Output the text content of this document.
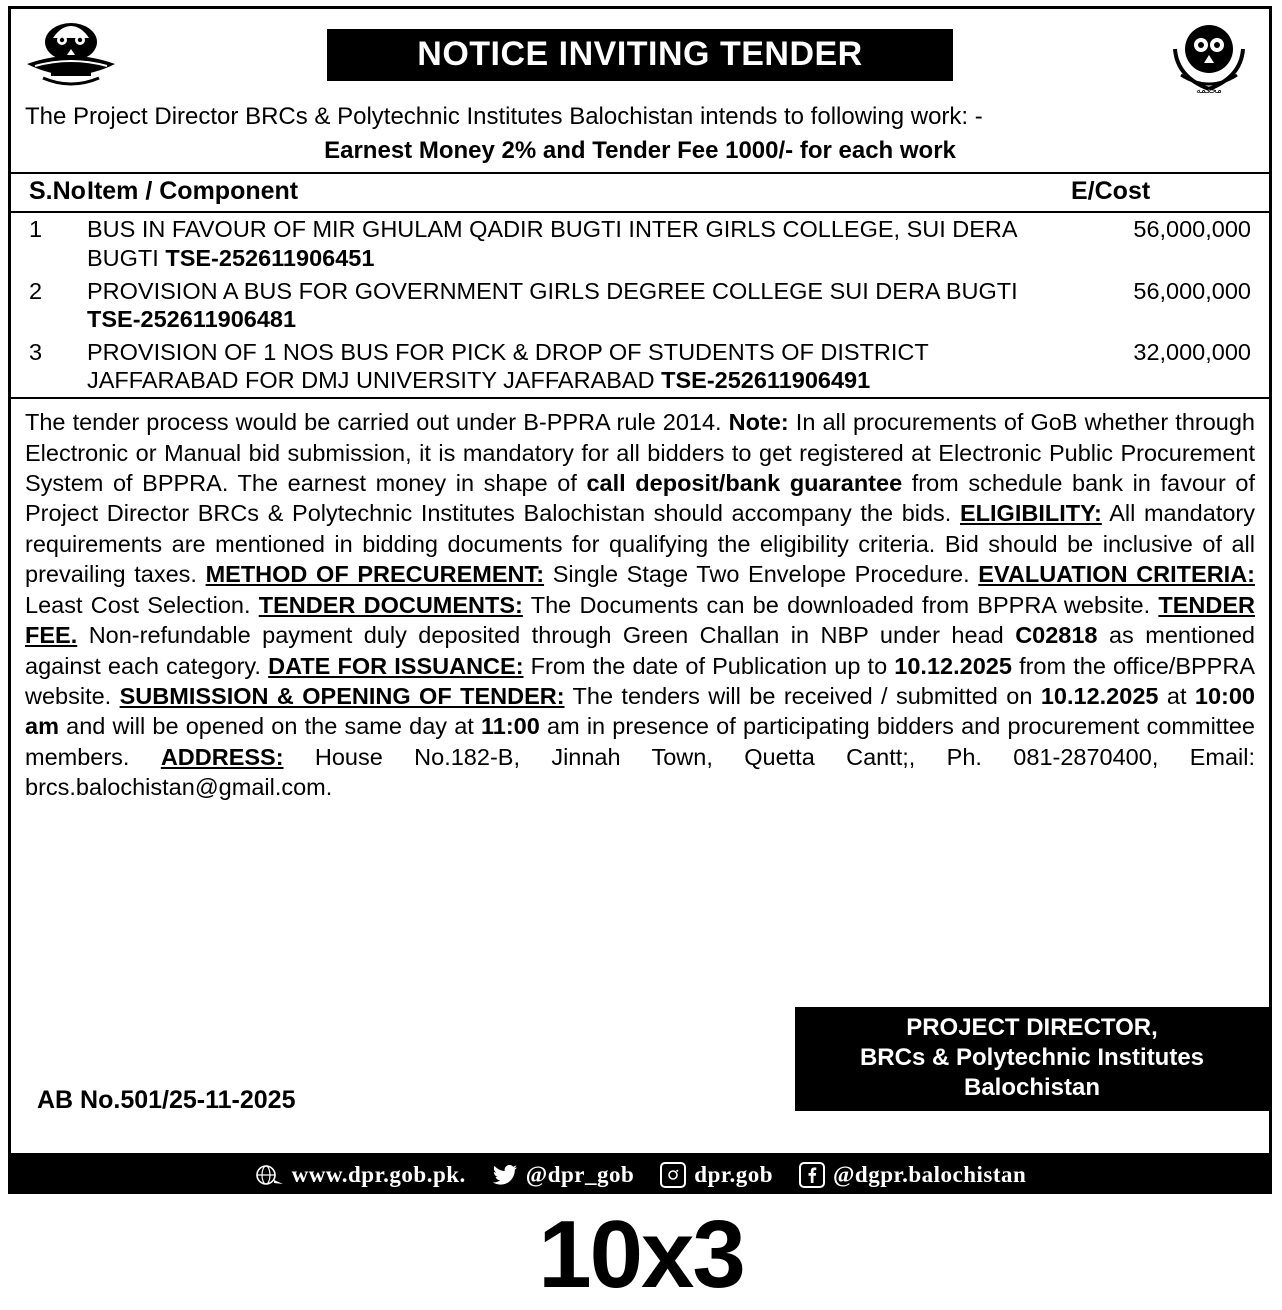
NOTICE INVITING TENDER
محكمه
The Project Director BRCs & Polytechnic Institutes Balochistan intends to following work: -
Earnest Money 2% and Tender Fee 1000/- for each work
S.No	Item / Component	E/Cost
1	BUS IN FAVOUR OF MIR GHULAM QADIR BUGTI INTER GIRLS COLLEGE, SUI DERA BUGTI TSE-252611906451	56,000,000
2	PROVISION A BUS FOR GOVERNMENT GIRLS DEGREE COLLEGE SUI DERA BUGTI TSE-252611906481	56,000,000
3	PROVISION OF 1 NOS BUS FOR PICK & DROP OF STUDENTS OF DISTRICT JAFFARABAD FOR DMJ UNIVERSITY JAFFARABAD TSE-252611906491	32,000,000
The tender process would be carried out under B-PPRA rule 2014. Note: In all procurements of GoB whether through Electronic or Manual bid submission, it is mandatory for all bidders to get registered at Electronic Public Procurement System of BPPRA. The earnest money in shape of call deposit/bank guarantee from schedule bank in favour of Project Director BRCs & Polytechnic Institutes Balochistan should accompany the bids. ELIGIBILITY: All mandatory requirements are mentioned in bidding documents for qualifying the eligibility criteria. Bid should be inclusive of all prevailing taxes. METHOD OF PRECUREMENT: Single Stage Two Envelope Procedure. EVALUATION CRITERIA: Least Cost Selection. TENDER DOCUMENTS: The Documents can be downloaded from BPPRA website. TENDER FEE. Non-refundable payment duly deposited through Green Challan in NBP under head C02818 as mentioned against each category. DATE FOR ISSUANCE: From the date of Publication up to 10.12.2025 from the office/BPPRA website. SUBMISSION & OPENING OF TENDER: The tenders will be received / submitted on 10.12.2025 at 10:00 am and will be opened on the same day at 11:00 am in presence of participating bidders and procurement committee members. ADDRESS: House No.182-B, Jinnah Town, Quetta Cantt;, Ph. 081-2870400, Email: brcs.balochistan@gmail.com.
PROJECT DIRECTOR,
BRCs & Polytechnic Institutes
Balochistan
AB No.501/25-11-2025
www.dpr.gob.pk.	@dpr_gob	dpr.gob	@dgpr.balochistan
10x3
